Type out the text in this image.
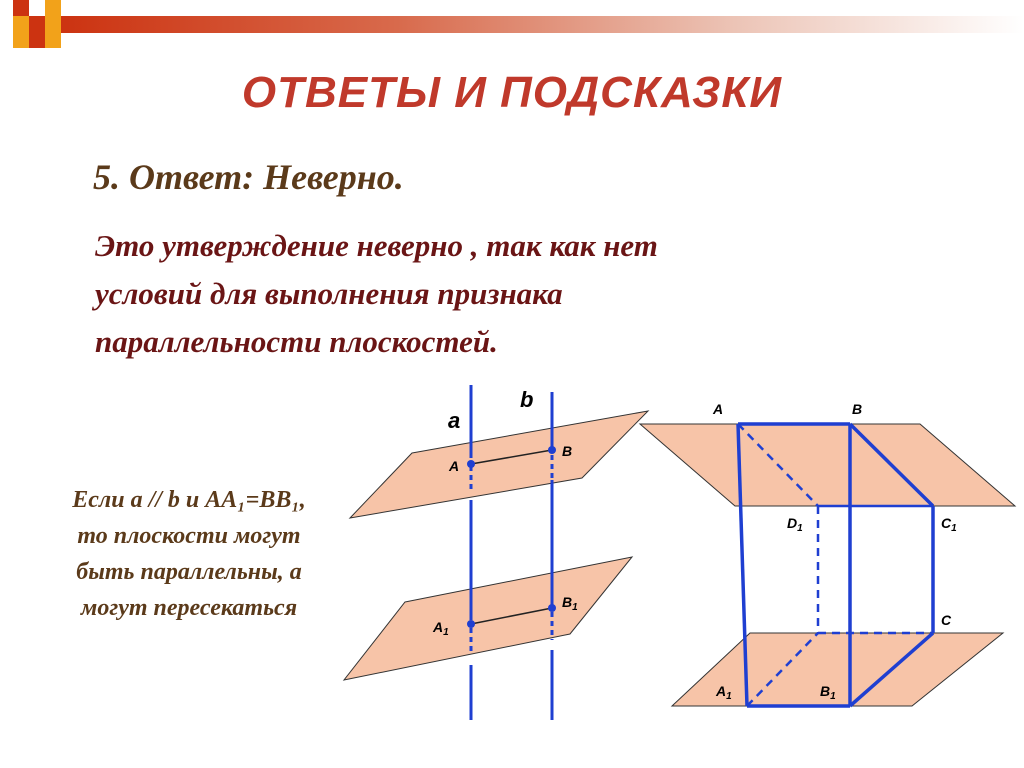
ОТВЕТЫ И ПОДСКАЗКИ
5. Ответ: Неверно.
Это утверждение неверно , так как нет
условий для выполнения признака
параллельности плоскостей.
Если a // b и AA₁=BB₁,
то плоскости могут
быть параллельны, а
могут пересекаться
a
b
A
B
$A_1$
$B_1$
A	B
$D_1$	$C_1$
C
$A_1$	$B_1$
